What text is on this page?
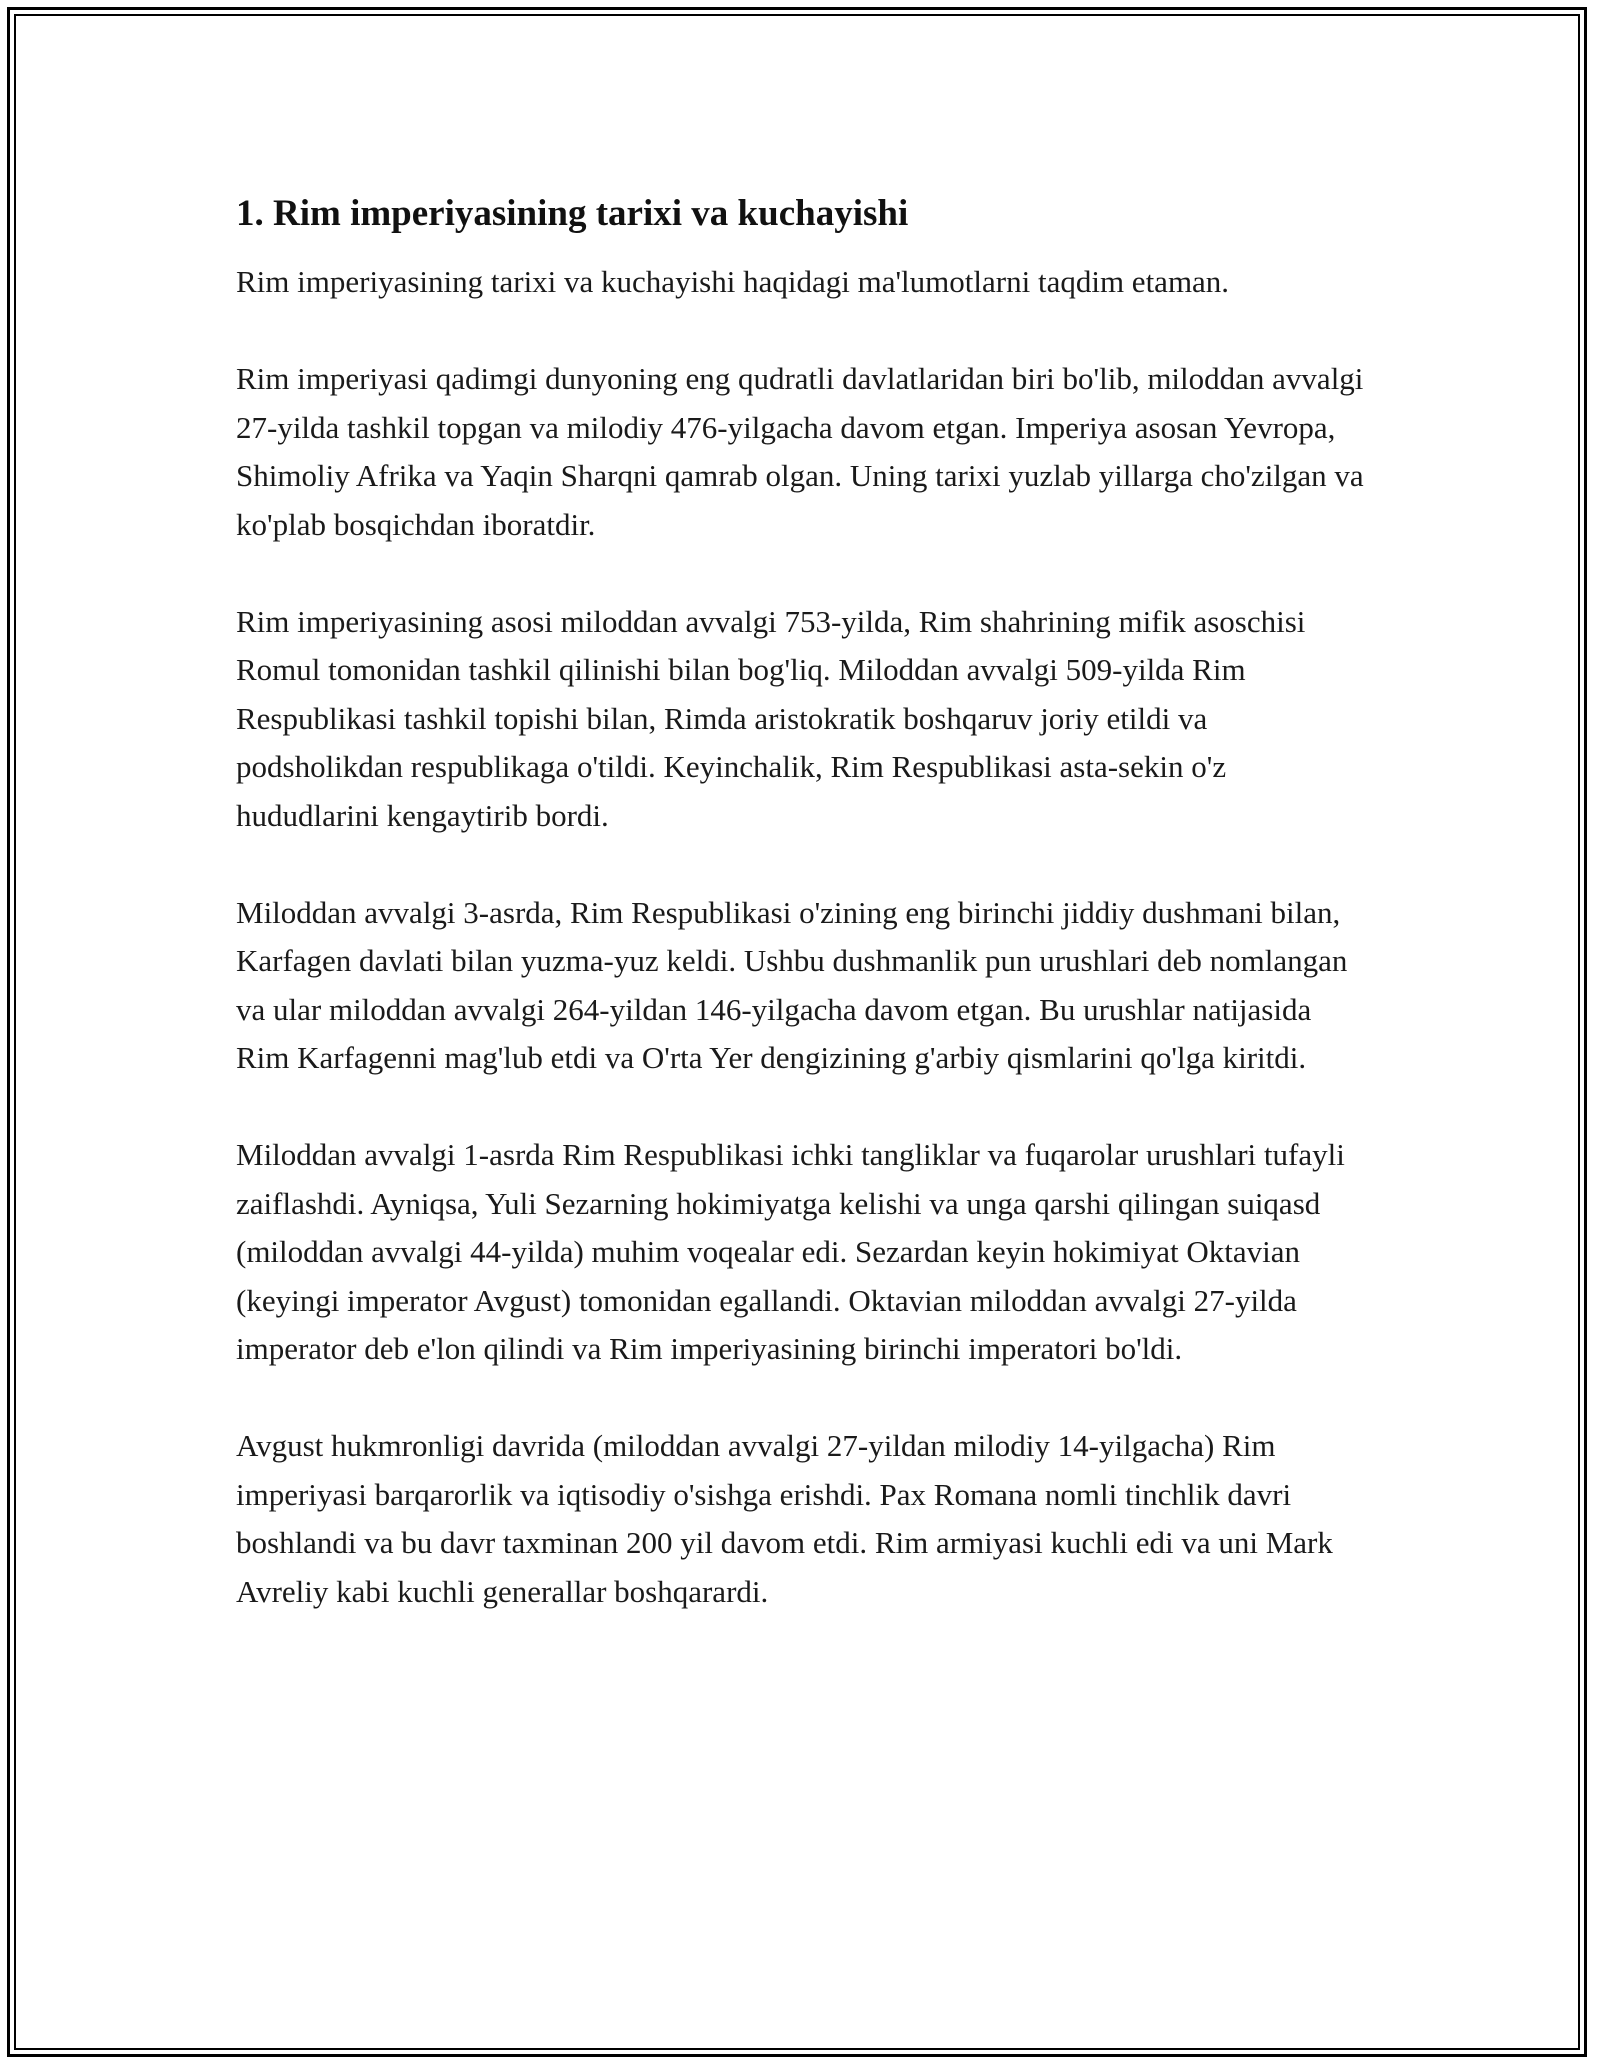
1. Rim imperiyasining tarixi va kuchayishi

Rim imperiyasining tarixi va kuchayishi haqidagi ma'lumotlarni taqdim etaman.

Rim imperiyasi qadimgi dunyoning eng qudratli davlatlaridan biri bo'lib, miloddan avvalgi 27-yilda tashkil topgan va milodiy 476-yilgacha davom etgan. Imperiya asosan Yevropa, Shimoliy Afrika va Yaqin Sharqni qamrab olgan. Uning tarixi yuzlab yillarga cho'zilgan va ko'plab bosqichdan iboratdir.

Rim imperiyasining asosi miloddan avvalgi 753-yilda, Rim shahrining mifik asoschisi Romul tomonidan tashkil qilinishi bilan bog'liq. Miloddan avvalgi 509-yilda Rim Respublikasi tashkil topishi bilan, Rimda aristokratik boshqaruv joriy etildi va podsholikdan respublikaga o'tildi. Keyinchalik, Rim Respublikasi asta-sekin o'z hududlarini kengaytirib bordi.

Miloddan avvalgi 3-asrda, Rim Respublikasi o'zining eng birinchi jiddiy dushmani bilan, Karfagen davlati bilan yuzma-yuz keldi. Ushbu dushmanlik pun urushlari deb nomlangan va ular miloddan avvalgi 264-yildan 146-yilgacha davom etgan. Bu urushlar natijasida Rim Karfagenni mag'lub etdi va O'rta Yer dengizining g'arbiy qismlarini qo'lga kiritdi.

Miloddan avvalgi 1-asrda Rim Respublikasi ichki tangliklar va fuqarolar urushlari tufayli zaiflashdi. Ayniqsa, Yuli Sezarning hokimiyatga kelishi va unga qarshi qilingan suiqasd (miloddan avvalgi 44-yilda) muhim voqealar edi. Sezardan keyin hokimiyat Oktavian (keyingi imperator Avgust) tomonidan egallandi. Oktavian miloddan avvalgi 27-yilda imperator deb e'lon qilindi va Rim imperiyasining birinchi imperatori bo'ldi.

Avgust hukmronligi davrida (miloddan avvalgi 27-yildan milodiy 14-yilgacha) Rim imperiyasi barqarorlik va iqtisodiy o'sishga erishdi. Pax Romana nomli tinchlik davri boshlandi va bu davr taxminan 200 yil davom etdi. Rim armiyasi kuchli edi va uni Mark Avreliy kabi kuchli generallar boshqarardi.
